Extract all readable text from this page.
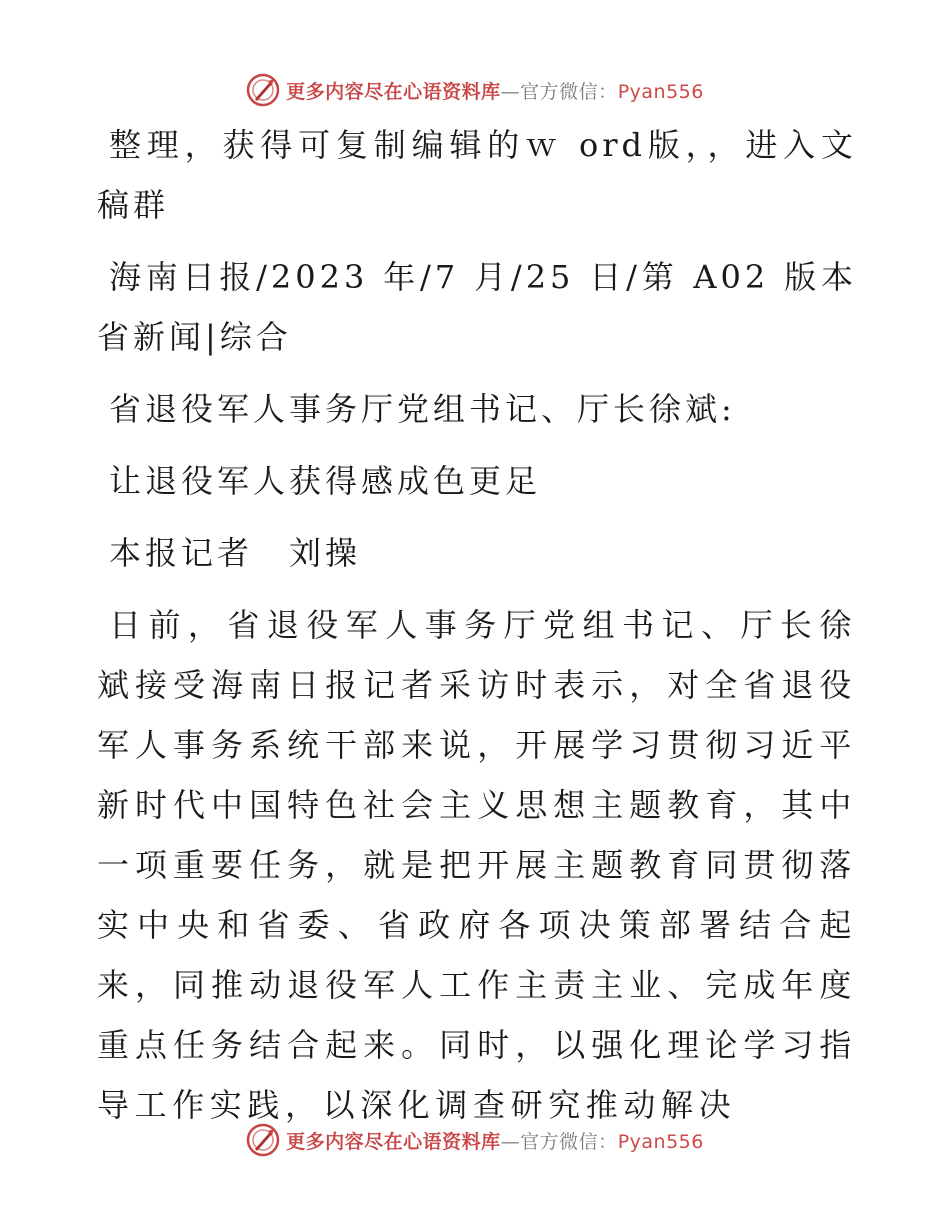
更多内容尽在心语资料库—官方微信：Pyan556

整理，获得可复制编辑的ｗ ord版，，进入文稿群

海南日报/2023 年/7 月/25 日/第 A02 版本省新闻|综合

省退役军人事务厅党组书记、厅长徐斌:

让退役军人获得感成色更足

本报记者　刘操

日前，省退役军人事务厅党组书记、厅长徐斌接受海南日报记者采访时表示，对全省退役军人事务系统干部来说，开展学习贯彻习近平新时代中国特色社会主义思想主题教育，其中一项重要任务，就是把开展主题教育同贯彻落实中央和省委、省政府各项决策部署结合起来，同推动退役军人工作主责主业、完成年度重点任务结合起来。同时，以强化理论学习指导工作实践，以深化调查研究推动解决

更多内容尽在心语资料库—官方微信：Pyan556
